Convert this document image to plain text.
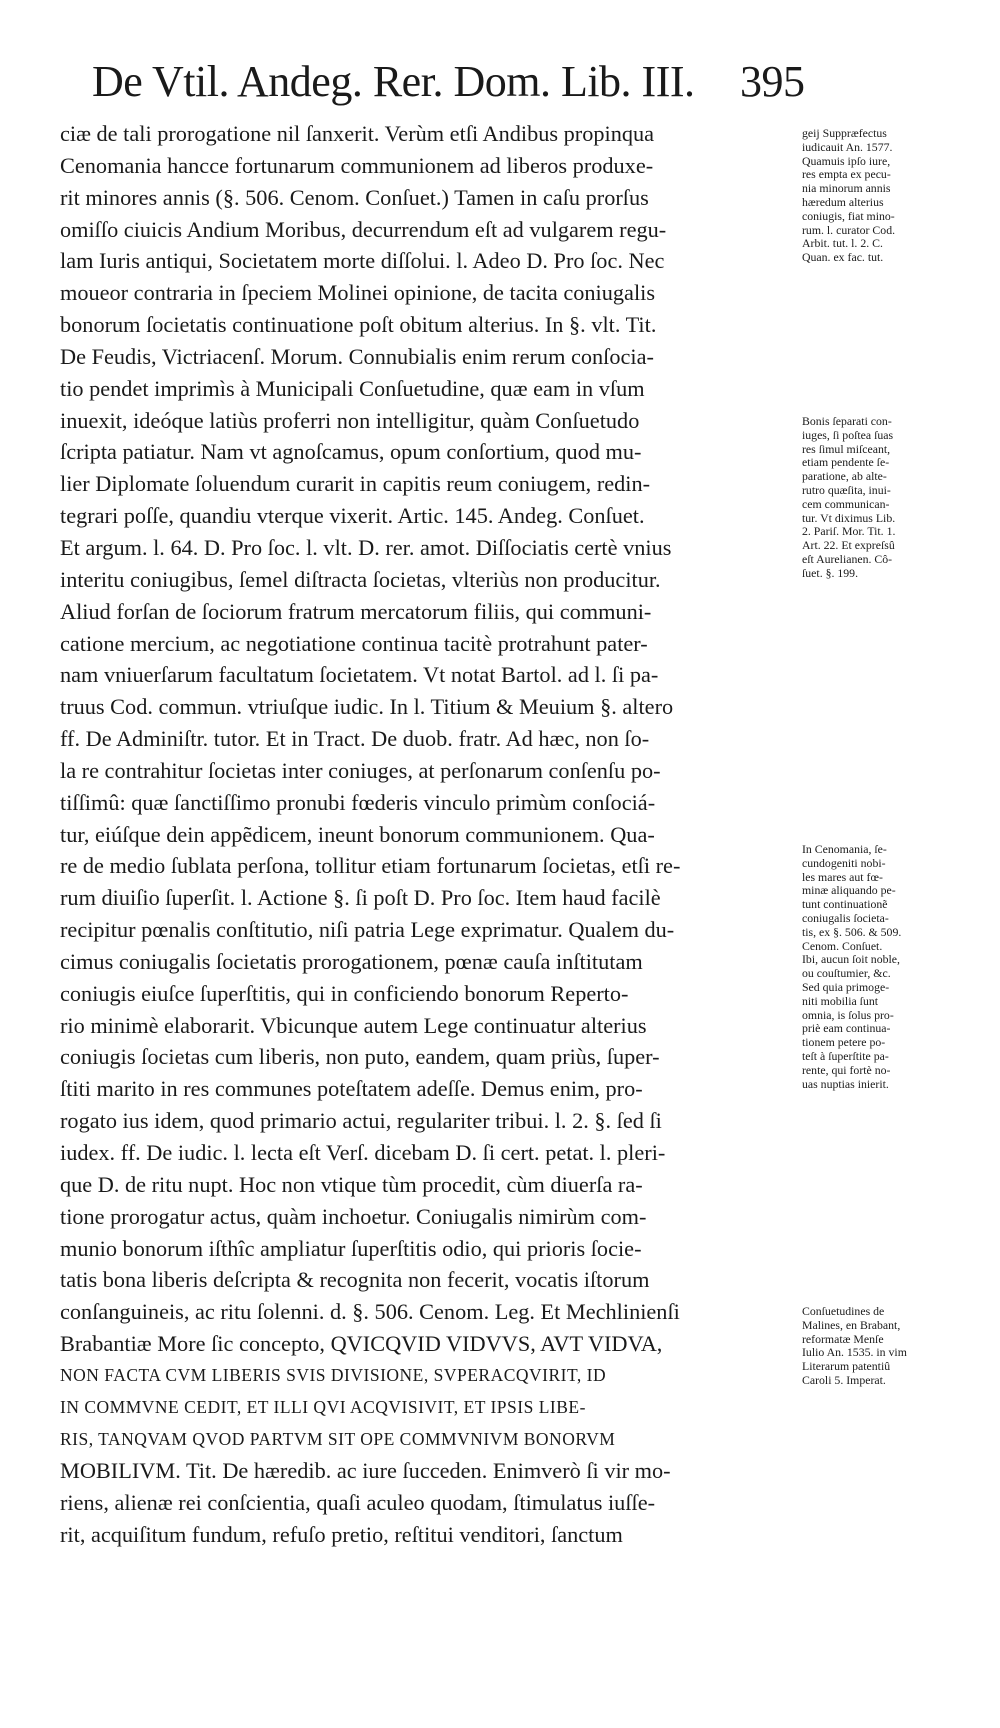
De Vtil. Andeg. Rer. Dom. Lib. III. 395
ciæ de tali prorogatione nil ſanxerit. Verùm etſi Andibus propinqua
Cenomania hancce fortunarum communionem ad liberos produxe-
rit minores annis (§. 506. Cenom. Conſuet.) Tamen in caſu prorſus
omiſſo ciuicis Andium Moribus, decurrendum eſt ad vulgarem regu-
lam Iuris antiqui, Societatem morte diſſolui. l. Adeo D. Pro ſoc. Nec
moueor contraria in ſpeciem Molinei opinione, de tacita coniugalis
bonorum ſocietatis continuatione poſt obitum alterius. In §. vlt. Tit.
De Feudis, Victriacenſ. Morum. Connubialis enim rerum conſocia-
tio pendet imprimìs à Municipali Conſuetudine, quæ eam in vſum
inuexit, ideóque latiùs proferri non intelligitur, quàm Conſuetudo
ſcripta patiatur. Nam vt agnoſcamus, opum conſortium, quod mu-
lier Diplomate ſoluendum curarit in capitis reum coniugem, redin-
tegrari poſſe, quandiu vterque vixerit. Artic. 145. Andeg. Conſuet.
Et argum. l. 64. D. Pro ſoc. l. vlt. D. rer. amot. Diſſociatis certè vnius
interitu coniugibus, ſemel diſtracta ſocietas, vlteriùs non producitur.
Aliud forſan de ſociorum fratrum mercatorum filiis, qui communi-
catione mercium, ac negotiatione continua tacitè protrahunt pater-
nam vniuerſarum facultatum ſocietatem. Vt notat Bartol. ad l. ſi pa-
truus Cod. commun. vtriuſque iudic. In l. Titium & Meuium §. altero
ff. De Adminiſtr. tutor. Et in Tract. De duob. fratr. Ad hæc, non ſo-
la re contrahitur ſocietas inter coniuges, at perſonarum conſenſu po-
tiſſimû: quæ ſanctiſſimo pronubi fœderis vinculo primùm conſociá-
tur, eiúſque dein appẽdicem, ineunt bonorum communionem. Qua-
re de medio ſublata perſona, tollitur etiam fortunarum ſocietas, etſi re-
rum diuiſio ſuperſit. l. Actione §. ſi poſt D. Pro ſoc. Item haud facilè
recipitur pœnalis conſtitutio, niſi patria Lege exprimatur. Qualem du-
cimus coniugalis ſocietatis prorogationem, pœnæ cauſa inſtitutam
coniugis eiuſce ſuperſtitis, qui in conficiendo bonorum Reperto-
rio minimè elaborarit. Vbicunque autem Lege continuatur alterius
coniugis ſocietas cum liberis, non puto, eandem, quam priùs, ſuper-
ſtiti marito in res communes poteſtatem adeſſe. Demus enim, pro-
rogato ius idem, quod primario actui, regulariter tribui. l. 2. §. ſed ſi
iudex. ff. De iudic. l. lecta eſt Verſ. dicebam D. ſi cert. petat. l. pleri-
que D. de ritu nupt. Hoc non vtique tùm procedit, cùm diuerſa ra-
tione prorogatur actus, quàm inchoetur. Coniugalis nimirùm com-
munio bonorum iſthîc ampliatur ſuperſtitis odio, qui prioris ſocie-
tatis bona liberis deſcripta & recognita non fecerit, vocatis iſtorum
conſanguineis, ac ritu ſolenni. d. §. 506. Cenom. Leg. Et Mechlinienſi
Brabantiæ More ſic concepto, QVICQVID VIDVVS, AVT VIDVA,
NON FACTA CVM LIBERIS SVIS DIVISIONE, SVPERACQVIRIT, ID
IN COMMVNE CEDIT, ET ILLI QVI ACQVISIVIT, ET IPSIS LIBE-
RIS, TANQVAM QVOD PARTVM SIT OPE COMMVNIVM BONORVM
MOBILIVM. Tit. De hæredib. ac iure ſucceden. Enimverò ſi vir mo-
riens, alienæ rei conſcientia, quaſi aculeo quodam, ſtimulatus iuſſe-
rit, acquiſitum fundum, refuſo pretio, reſtitui venditori, ſanctum
geij Suppræfectus
iudicauit An. 1577.
Quamuis ipſo iure,
res empta ex pecu-
nia minorum annis
hæredum alterius
coniugis, fiat mino-
rum. l. curator Cod.
Arbit. tut. l. 2. C.
Quan. ex fac. tut.
Bonis ſeparati con-
iuges, ſi poſtea ſuas
res ſimul miſceant,
etiam pendente ſe-
paratione, ab alte-
rutro quæſita, inui-
cem communican-
tur. Vt diximus Lib.
2. Pariſ. Mor. Tit. 1.
Art. 22. Et expreſsû
eſt Aurelianen. Cô-
ſuet. §. 199.
In Cenomania, ſe-
cundogeniti nobi-
les mares aut fœ-
minæ aliquando pe-
tunt continuationẽ
coniugalis ſocieta-
tis, ex §. 506. & 509.
Cenom. Conſuet.
Ibi, aucun ſoit noble,
ou couſtumier, &c.
Sed quia primoge-
niti mobilia ſunt
omnia, is ſolus pro-
priè eam continua-
tionem petere po-
teſt à ſuperſtite pa-
rente, qui fortè no-
uas nuptias inierit.
Conſuetudines de
Malines, en Brabant,
reformatæ Menſe
Iulio An. 1535. in vim
Literarum patentiû
Caroli 5. Imperat.
